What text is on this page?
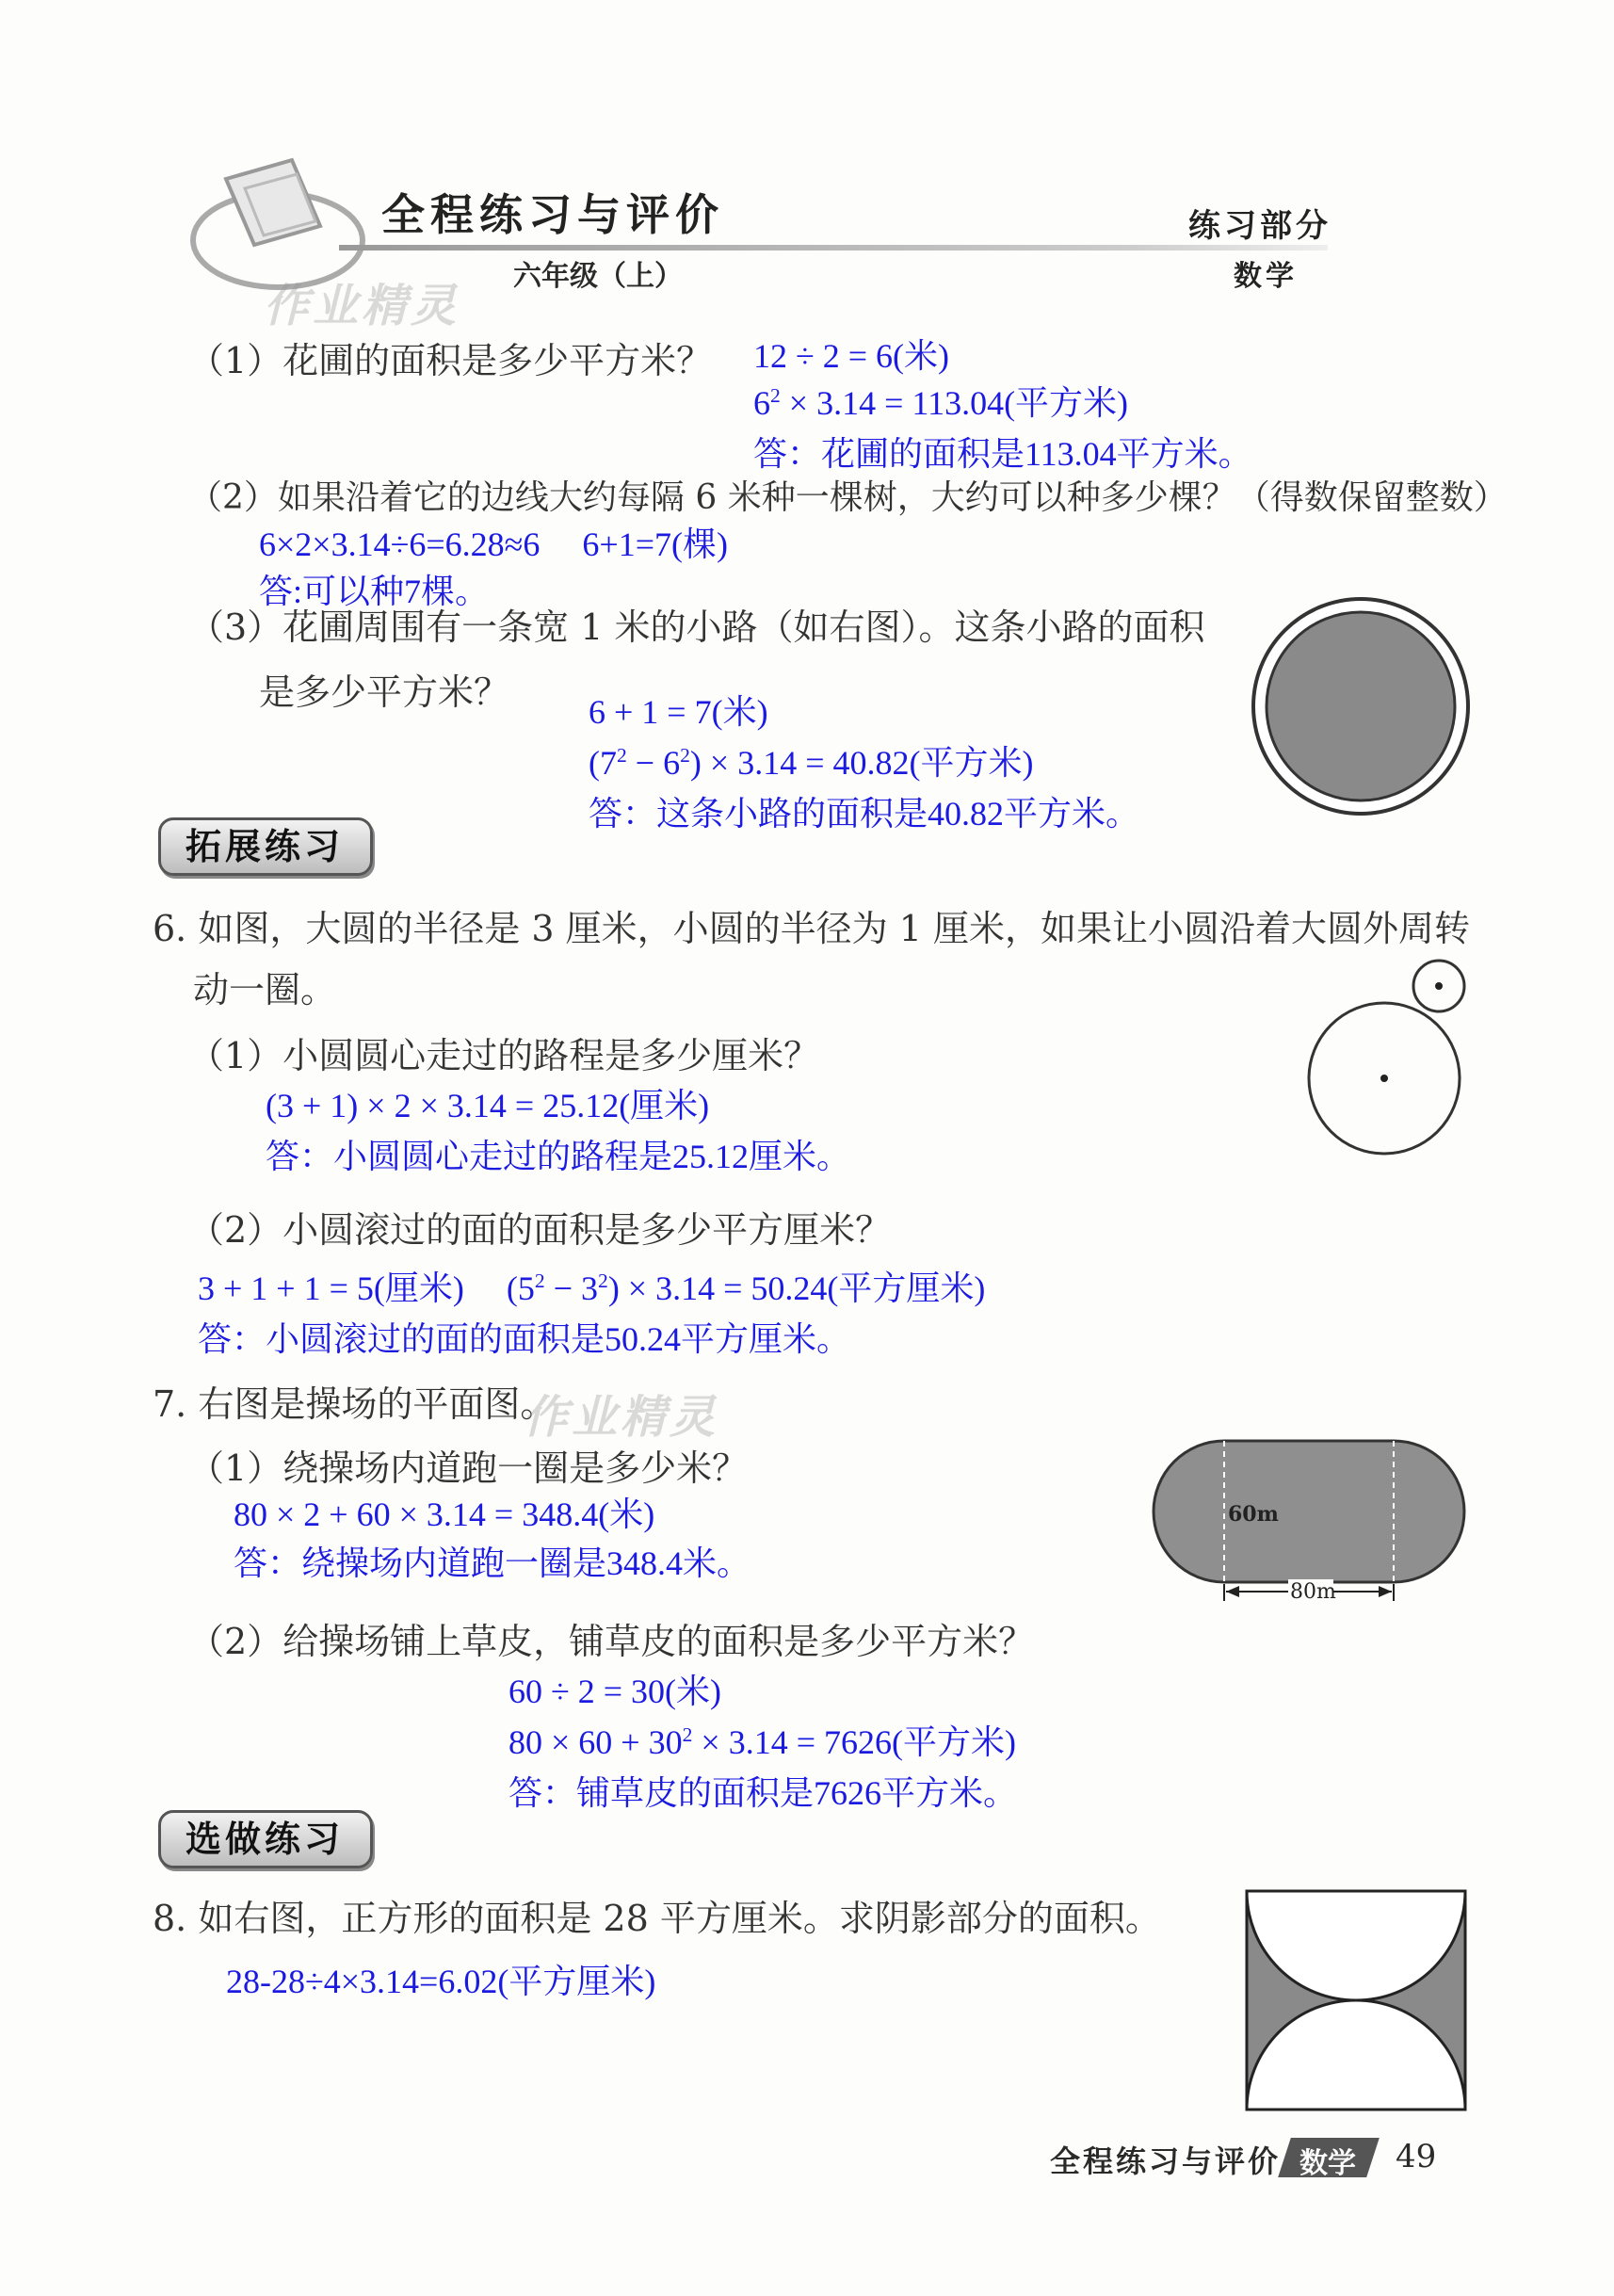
全程练习与评价
六年级（上）
练习部分
数学
作业精灵
（1）花圃的面积是多少平方米？ 12 ÷ 2 = 6(米)
$6^2 \times 3.14 = 113.04$(平方米)
答：花圃的面积是113.04平方米。
（2）如果沿着它的边线大约每隔 6 米种一棵树，大约可以种多少棵？（得数保留整数）
6×2×3.14÷6=6.28≈6　 6+1=7(棵)
答:可以种7棵。
（3）花圃周围有一条宽 1 米的小路（如右图）。这条小路的面积
是多少平方米？ 6 + 1 = 7(米)
$(7^2 - 6^2) \times 3.14 = 40.82$(平方米)
答：这条小路的面积是40.82平方米。
拓展练习
6. 如图，大圆的半径是 3 厘米，小圆的半径为 1 厘米，如果让小圆沿着大圆外周转
动一圈。
（1）小圆圆心走过的路程是多少厘米？
(3 + 1) × 2 × 3.14 = 25.12(厘米)
答：小圆圆心走过的路程是25.12厘米。
（2）小圆滚过的面的面积是多少平方厘米？
3 + 1 + 1 = 5(厘米)　 $(5^2 - 3^2) \times 3.14 = 50.24$(平方厘米)
答：小圆滚过的面的面积是50.24平方厘米。
7. 右图是操场的平面图。
作业精灵
（1）绕操场内道跑一圈是多少米？
80 × 2 + 60 × 3.14 = 348.4(米)
答：绕操场内道跑一圈是348.4米。
60m
80m
（2）给操场铺上草皮，铺草皮的面积是多少平方米？
60 ÷ 2 = 30(米)
$80 \times 60 + 30^2 \times 3.14 = 7626$(平方米)
答：铺草皮的面积是7626平方米。
选做练习
8. 如右图，正方形的面积是 28 平方厘米。求阴影部分的面积。
28-28÷4×3.14=6.02(平方厘米)
全程练习与评价 数学 49
